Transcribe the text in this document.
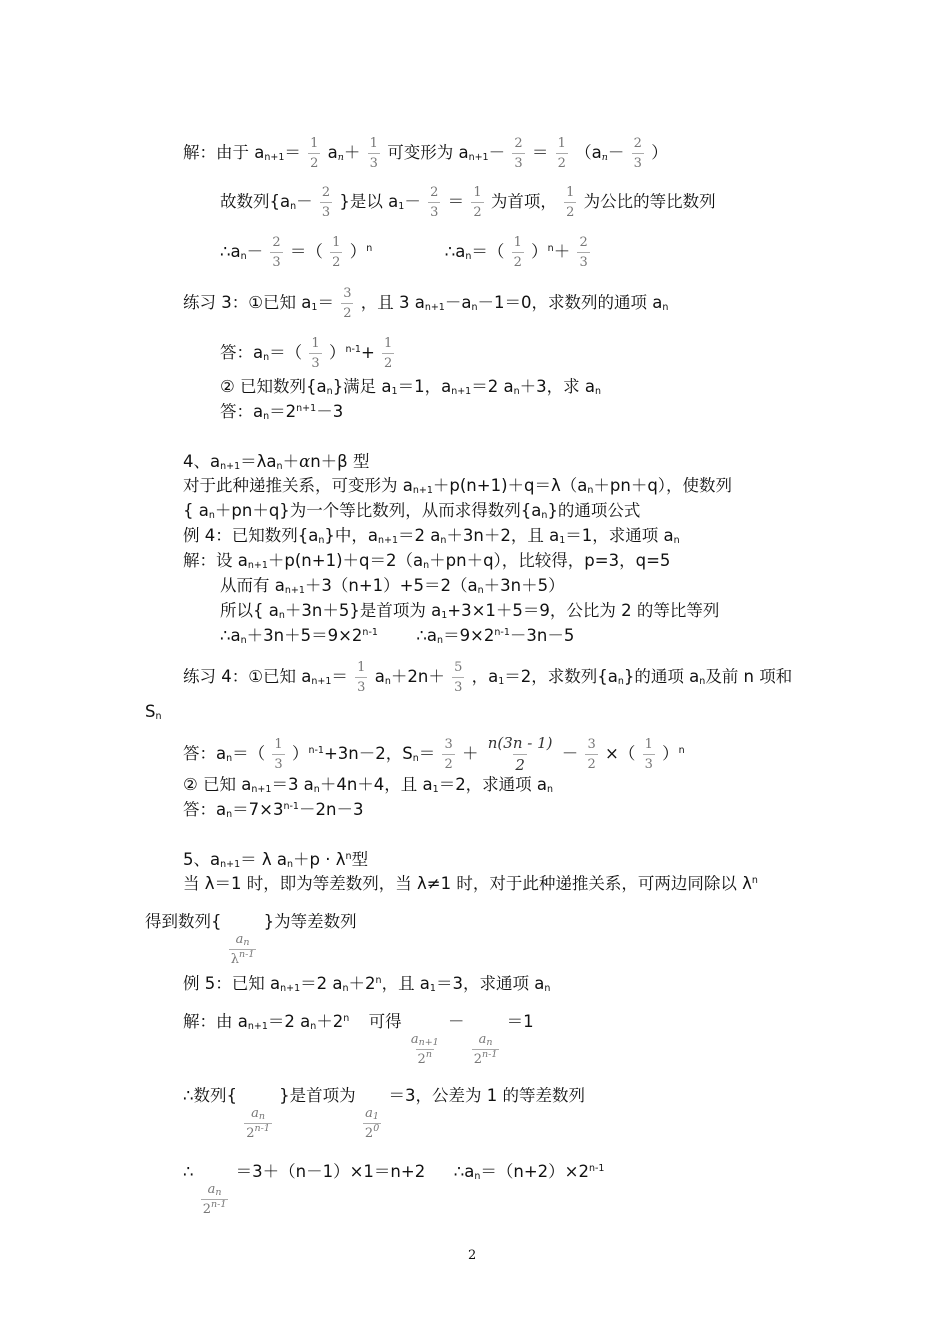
解：由于 $a_{n+1}= \frac{1}{2} a_n+ \frac{1}{3}$ 可变形为 $a_{n+1}- \frac{2}{3} = \frac{1}{2} (a_n- \frac{2}{3}$ ）
故数列{$a_n- \frac{2}{3}$ }是以 $a_1- \frac{2}{3} = \frac{1}{2}$ 为首项， $\frac{1}{2}$ 为公比的等比数列
$\therefore a_n- \frac{2}{3}$ ＝（ $\frac{1}{2} )^n$	$\therefore a_n=( \frac{1}{2} )^n+ \frac{2}{3}$
练习 3：①已知 $a_1= \frac{3}{2}$ ，且 3 $a_{n+1}-a_n-1=0$，求数列的通项 $a_n$
答：$a_n=( \frac{1}{3} )^{n-1}+ \frac{1}{2}$
② 已知数列$\{a_n\}$满足 $a_1=1$，$a_{n+1}=2$ $a_n+3$，求 $a_n$
答：$a_n=2^{n+1}-3$
4、$a_{n+1}=\lambda a_n+\alpha n+\beta$ 型
对于此种递推关系，可变形为 $a_{n+1}+p(n+1)+q=\lambda(a_n+pn+q)$，使数列
{ $a_n+pn+q$}为一个等比数列，从而求得数列$\{a_n\}$的通项公式
例 4：已知数列$\{a_n\}$中，$a_{n+1}=2$ $a_n+3n+2$，且 $a_1=1$，求通项 $a_n$
解：设 $a_{n+1}+p(n+1)+q=2(a_n+pn+q)$，比较得，p=3，q=5
从而有 $a_{n+1}+3(n+1)+5=2(a_n+3n+5)$
所以{ $a_n+3n+5$}是首项为 $a_1+3\times 1+5=9$，公比为 2 的等比等列
$\therefore a_n+3n+5=9\times 2^{n-1}$ $\therefore a_n=9\times 2^{n-1}-3n-5$
练习 4：①已知 $a_{n+1}= \frac{1}{3} a_n+2n+ \frac{5}{3}$ ，$a_1=2$，求数列$\{a_n\}$的通项 $a_n$及前 n 项和
$S_n$
答：$a_n=( \frac{1}{3} )^{n-1}+3n-2$，$S_n= \frac{3}{2} + \frac{n(3n - 1)}{2} - \frac{3}{2}$ ×（ $\frac{1}{3} )^n$
② 已知 $a_{n+1}=3$ $a_n+4n+4$，且 $a_1=2$，求通项 $a_n$
答：$a_n=7\times 3^{n-1}-2n-3$
5、$a_{n+1}= \lambda$ $a_n+p \cdot \lambda^n$型
当 λ＝1 时，即为等差数列，当 λ≠1 时，对于此种递推关系，可两边同除以 $\lambda^n$
得到数列{
$\frac{a_n}{\lambda^{n-1}}$
}为等差数列
例 5：已知 $a_{n+1}=2$ $a_n+2^n$，且 $a_1=3$，求通项 $a_n$
解：由 $a_{n+1}=2$ $a_n+2^n$ 可得
$\frac{a_{n+1}}{2^n}$
－
$\frac{a_n}{2^{n-1}}$
＝1
∴数列{
$\frac{a_n}{2^{n-1}}$
}是首项为
$\frac{a_1}{2^0}$
＝3，公差为 1 的等差数列
∴
$\frac{a_n}{2^{n-1}}$
＝3＋（n－1）×1＝n+2 $\therefore a_n=(n+2)\times 2^{n-1}$
2
